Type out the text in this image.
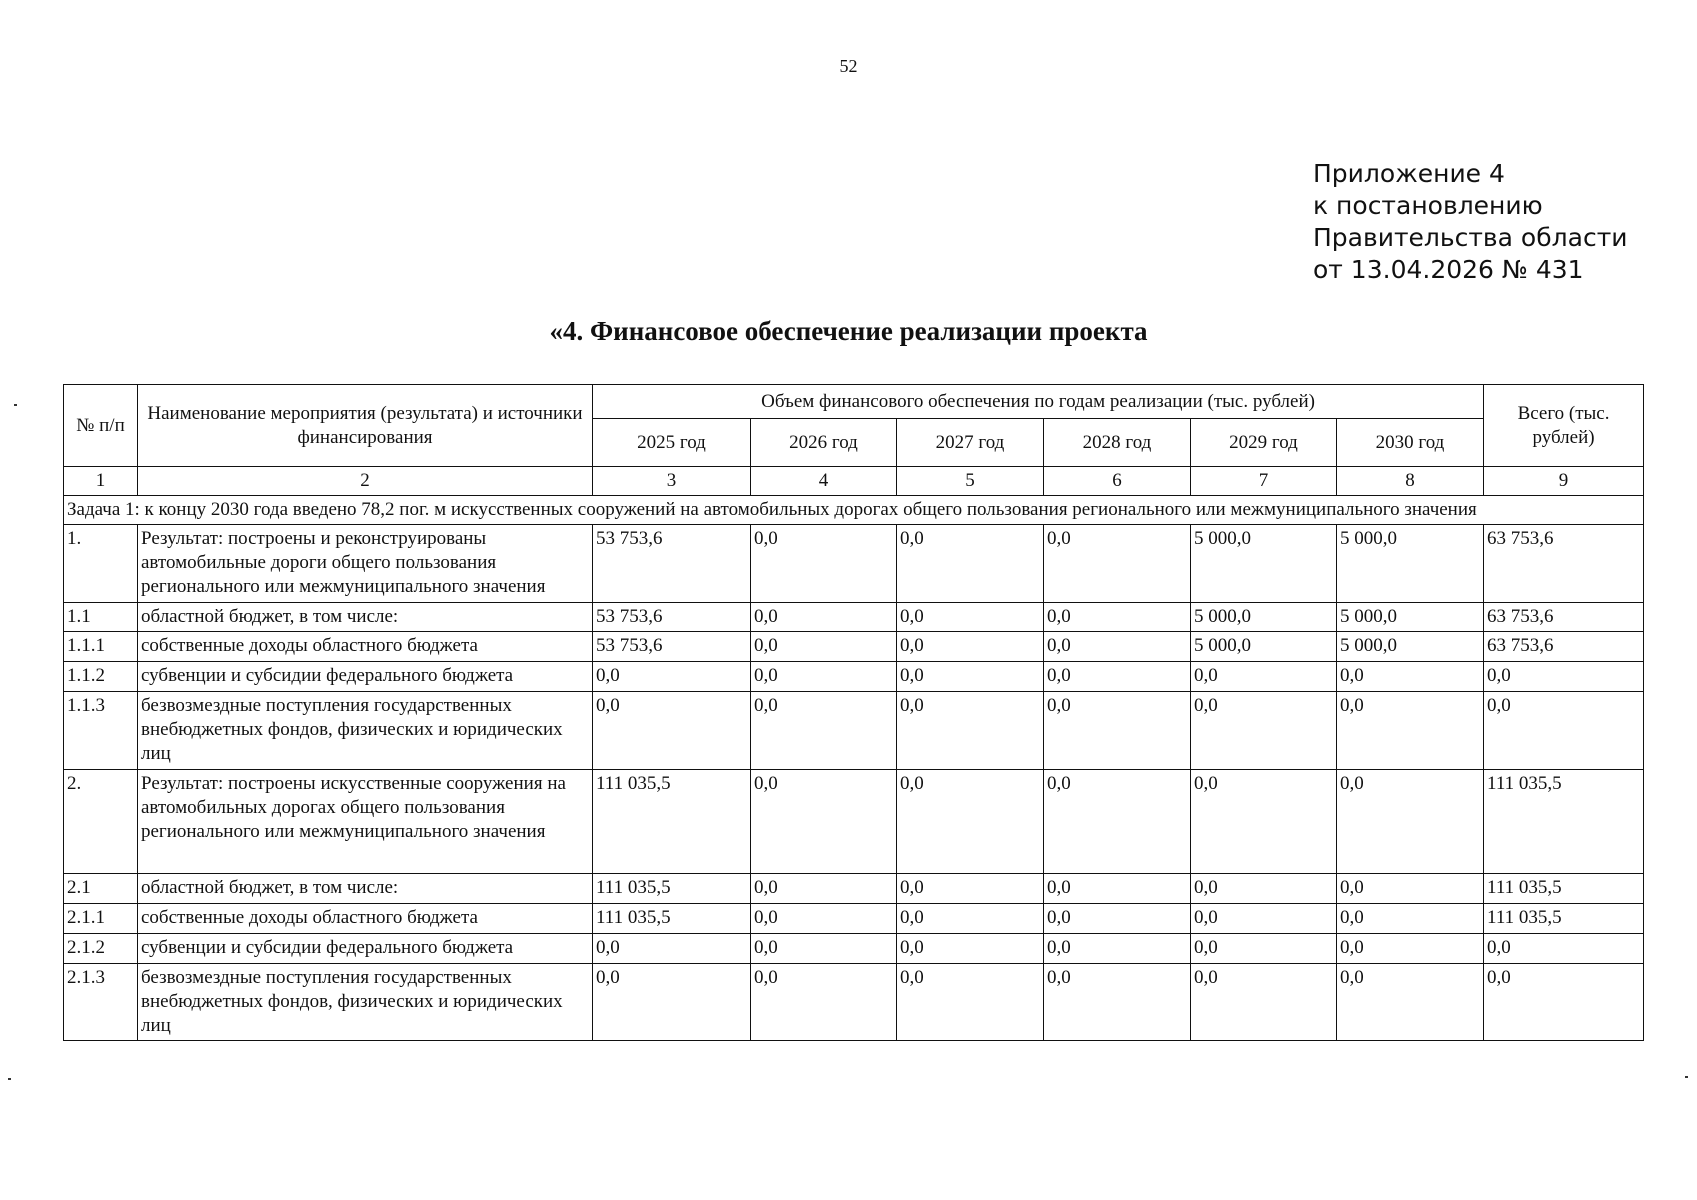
52
Приложение 4
к постановлению
Правительства области
от 13.04.2026 № 431
«4. Финансовое обеспечение реализации проекта
№ п/п	Наименование мероприятия (результата) и источники финансирования	Объем финансового обеспечения по годам реализации (тыс. рублей)						Всего (тыс. рублей)
		2025 год	2026 год	2027 год	2028 год	2029 год	2030 год	
1	2	3	4	5	6	7	8	9
Задача 1: к концу 2030 года введено 78,2 пог. м искусственных сооружений на автомобильных дорогах общего пользования регионального или межмуниципального значения								
1.	Результат: построены и реконструированы автомобильные дороги общего пользования регионального или межмуниципального значения	53 753,6	0,0	0,0	0,0	5 000,0	5 000,0	63 753,6
1.1	областной бюджет, в том числе:	53 753,6	0,0	0,0	0,0	5 000,0	5 000,0	63 753,6
1.1.1	собственные доходы областного бюджета	53 753,6	0,0	0,0	0,0	5 000,0	5 000,0	63 753,6
1.1.2	субвенции и субсидии федерального бюджета	0,0	0,0	0,0	0,0	0,0	0,0	0,0
1.1.3	безвозмездные поступления государственных внебюджетных фондов, физических и юридических лиц	0,0	0,0	0,0	0,0	0,0	0,0	0,0
2.	Результат: построены искусственные сооружения на автомобильных дорогах общего пользования регионального или межмуниципального значения	111 035,5	0,0	0,0	0,0	0,0	0,0	111 035,5
2.1	областной бюджет, в том числе:	111 035,5	0,0	0,0	0,0	0,0	0,0	111 035,5
2.1.1	собственные доходы областного бюджета	111 035,5	0,0	0,0	0,0	0,0	0,0	111 035,5
2.1.2	субвенции и субсидии федерального бюджета	0,0	0,0	0,0	0,0	0,0	0,0	0,0
2.1.3	безвозмездные поступления государственных внебюджетных фондов, физических и юридических лиц	0,0	0,0	0,0	0,0	0,0	0,0	0,0
